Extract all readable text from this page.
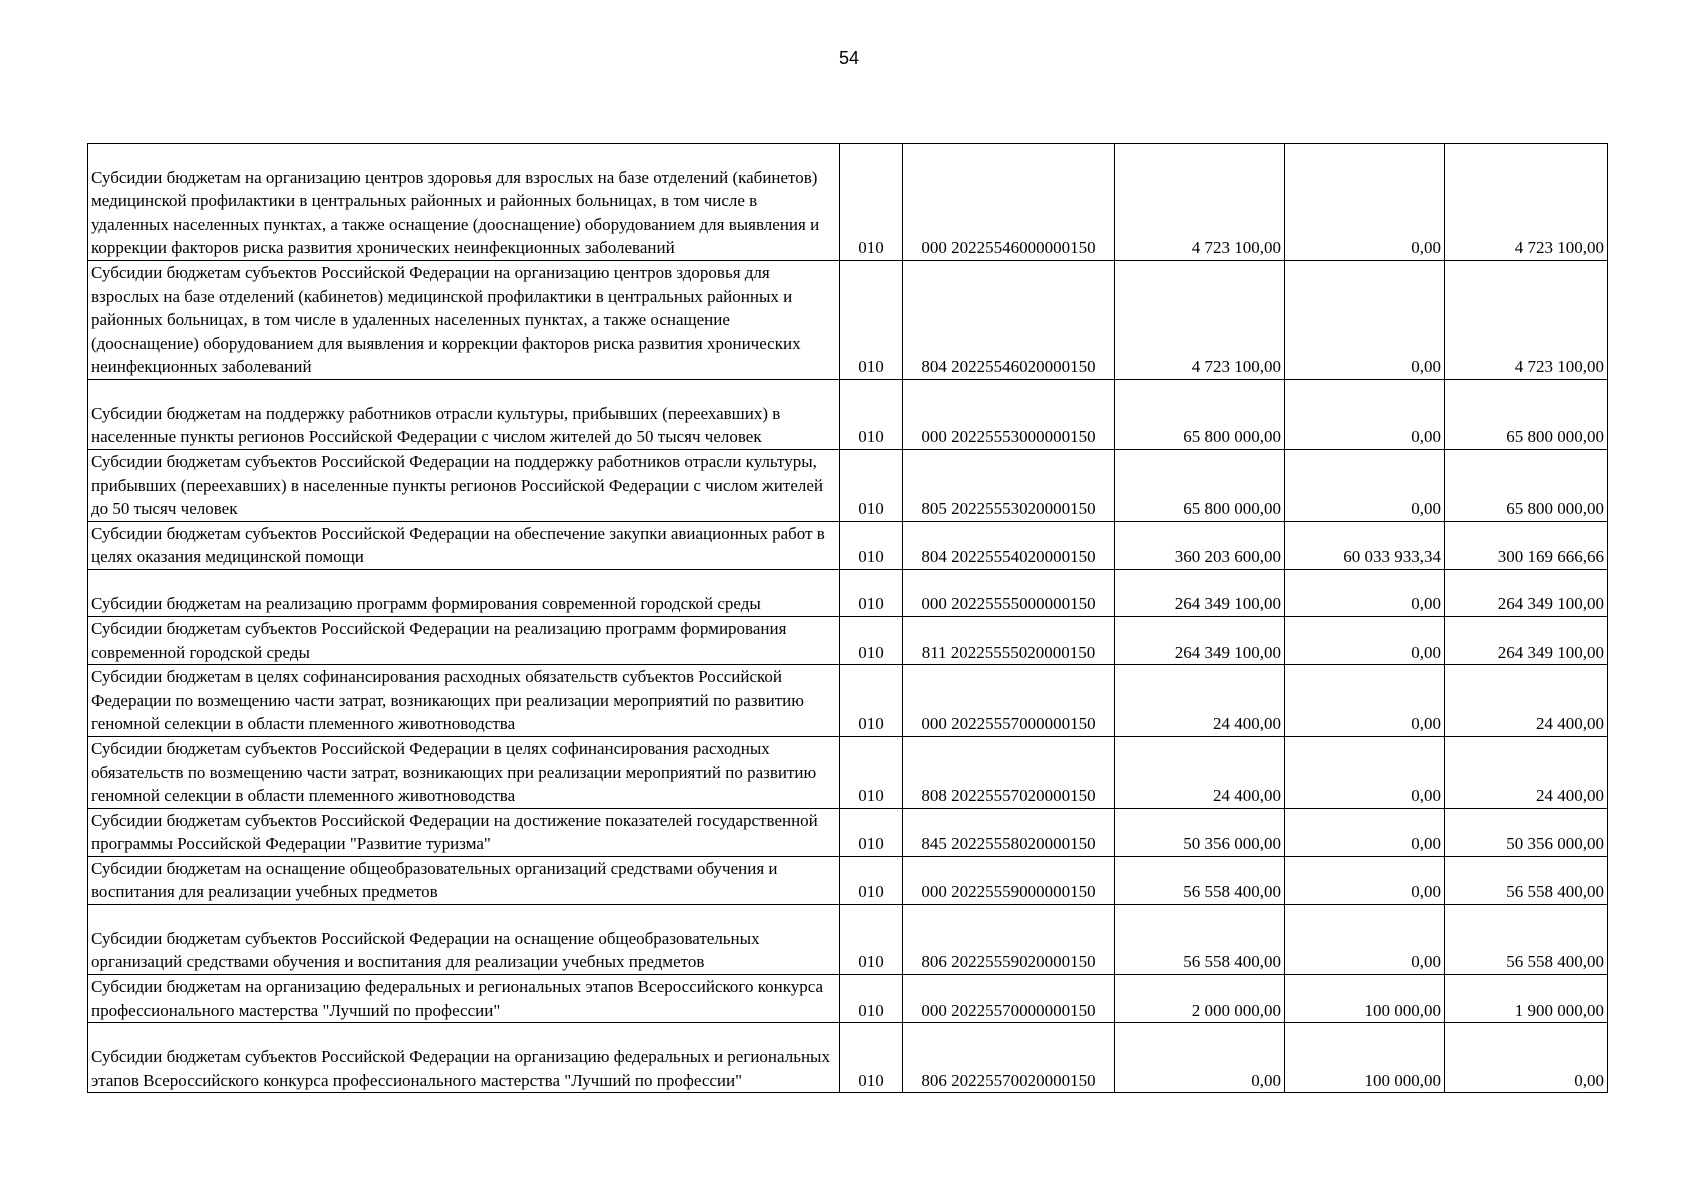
54
Субсидии бюджетам на организацию центров здоровья для взрослых на базе отделений (кабинетов) медицинской профилактики в центральных районных и районных больницах, в том числе в удаленных населенных пунктах, а также оснащение (дооснащение) оборудованием для выявления и коррекции факторов риска развития хронических неинфекционных заболеваний	010	000 20225546000000150	4 723 100,00	0,00	4 723 100,00
Субсидии бюджетам субъектов Российской Федерации на организацию центров здоровья для взрослых на базе отделений (кабинетов) медицинской профилактики в центральных районных и районных больницах, в том числе в удаленных населенных пунктах, а также оснащение (дооснащение) оборудованием для выявления и коррекции факторов риска развития хронических неинфекционных заболеваний	010	804 20225546020000150	4 723 100,00	0,00	4 723 100,00
Субсидии бюджетам на поддержку работников отрасли культуры, прибывших (переехавших) в населенные пункты регионов Российской Федерации с числом жителей до 50 тысяч человек	010	000 20225553000000150	65 800 000,00	0,00	65 800 000,00
Субсидии бюджетам субъектов Российской Федерации на поддержку работников отрасли культуры, прибывших (переехавших) в населенные пункты регионов Российской Федерации с числом жителей до 50 тысяч человек	010	805 20225553020000150	65 800 000,00	0,00	65 800 000,00
Субсидии бюджетам субъектов Российской Федерации на обеспечение закупки авиационных работ в целях оказания медицинской помощи	010	804 20225554020000150	360 203 600,00	60 033 933,34	300 169 666,66
Субсидии бюджетам на реализацию программ формирования современной городской среды	010	000 20225555000000150	264 349 100,00	0,00	264 349 100,00
Субсидии бюджетам субъектов Российской Федерации на реализацию программ формирования современной городской среды	010	811 20225555020000150	264 349 100,00	0,00	264 349 100,00
Субсидии бюджетам в целях софинансирования расходных обязательств субъектов Российской Федерации по возмещению части затрат, возникающих при реализации мероприятий по развитию геномной селекции в области племенного животноводства	010	000 20225557000000150	24 400,00	0,00	24 400,00
Субсидии бюджетам субъектов Российской Федерации в целях софинансирования расходных обязательств по возмещению части затрат, возникающих при реализации мероприятий по развитию геномной селекции в области племенного животноводства	010	808 20225557020000150	24 400,00	0,00	24 400,00
Субсидии бюджетам субъектов Российской Федерации на достижение показателей государственной программы Российской Федерации "Развитие туризма"	010	845 20225558020000150	50 356 000,00	0,00	50 356 000,00
Субсидии бюджетам на оснащение общеобразовательных организаций средствами обучения и воспитания для реализации учебных предметов	010	000 20225559000000150	56 558 400,00	0,00	56 558 400,00
Субсидии бюджетам субъектов Российской Федерации на оснащение общеобразовательных организаций средствами обучения и воспитания для реализации учебных предметов	010	806 20225559020000150	56 558 400,00	0,00	56 558 400,00
Субсидии бюджетам на организацию федеральных и региональных этапов Всероссийского конкурса профессионального мастерства "Лучший по профессии"	010	000 20225570000000150	2 000 000,00	100 000,00	1 900 000,00
Субсидии бюджетам субъектов Российской Федерации на организацию федеральных и региональных этапов Всероссийского конкурса профессионального мастерства "Лучший по профессии"	010	806 20225570020000150	0,00	100 000,00	0,00
